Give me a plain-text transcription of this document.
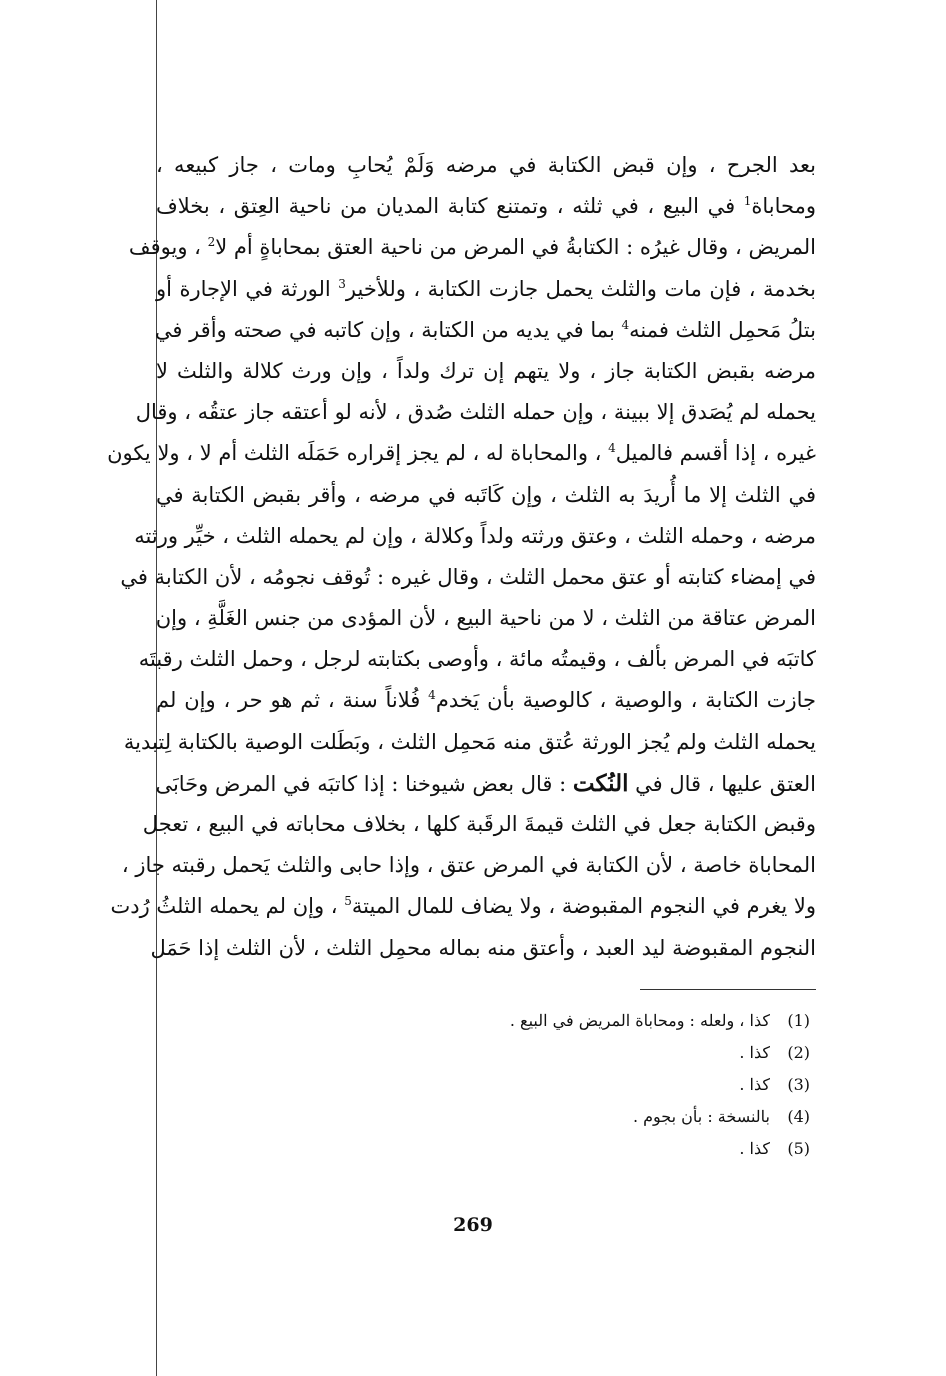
بعد الجرح ، وإن قبض الكتابة في مرضه وَلَمْ يُحابِ ومات ، جاز كبيعه ،
ومحاباة$^1$ في البيع ، في ثلثه ، وتمتنع كتابة المديان من ناحية العِتق ، بخلاف
المريض ، وقال غيرُه : الكتابةُ في المرض من ناحية العتق بمحاباةٍ أم لا$^2$ ، ويوقف
بخدمة ، فإن مات والثلث يحمل جازت الكتابة ، وللأخير$^3$ الورثة في الإجارة أو
بتلُ مَحمِل الثلث فمنه$^4$ بما في يديه من الكتابة ، وإن كاتبه في صحته وأقر في
مرضه بقبض الكتابة جاز ، ولا يتهم إن ترك ولداً ، وإن ورث كلالة والثلث لا
يحمله لم يُصَدق إلا ببينة ، وإن حمله الثلث صُدق ، لأنه لو أعتقه جاز عتقُه ، وقال
غيره ، إذا أقسم فالميل$^4$ ، والمحاباة له ، لم يجز إقراره حَمَلَه الثلث أم لا ، ولا يكون
في الثلث إلا ما أُريدَ به الثلث ، وإن كَاتَبه في مرضه ، وأقر بقبض الكتابة في
مرضه ، وحمله الثلث ، وعتق ورثته ولداً وكلالة ، وإن لم يحمله الثلث ، خيِّر ورثته
في إمضاء كتابته أو عتق محمل الثلث ، وقال غيره : تُوقف نجومُه ، لأن الكتابة في
المرض عتاقة من الثلث ، لا من ناحية البيع ، لأن المؤدى من جنس الغَلَّةِ ، وإن
كاتبَه في المرض بألف ، وقيمتُه مائة ، وأوصى بكتابته لرجل ، وحمل الثلث رقبتَه
جازت الكتابة ، والوصية ، كالوصية بأن يَخدم$^4$ فُلاناً سنة ، ثم هو حر ، وإن لم
يحمله الثلث ولم يُجز الورثة عُتق منه مَحمِل الثلث ، وبَطَلت الوصية بالكتابة لِتبدية
العتق عليها ، قال في النُكت : قال بعض شيوخنا : إذا كاتبَه في المرض وحَابَى
وقبض الكتابة جعل في الثلث قيمةَ الرقَبة كلها ، بخلاف محاباته في البيع ، تعجل
المحاباة خاصة ، لأن الكتابة في المرض عتق ، وإذا حابى والثلث يَحمل رقبته جاز ،
ولا يغرم في النجوم المقبوضة ، ولا يضاف للمال الميتة$^5$ ، وإن لم يحمله الثلثُ رُدت
النجوم المقبوضة ليد العبد ، وأعتق منه بماله محمِل الثلث ، لأن الثلث إذا حَمَل
(1)
كذا ، ولعله : ومحاباة المريض في البيع .
(2)
كذا .
(3)
كذا .
(4)
بالنسخة : بأن بجوم .
(5)
كذا .
269
